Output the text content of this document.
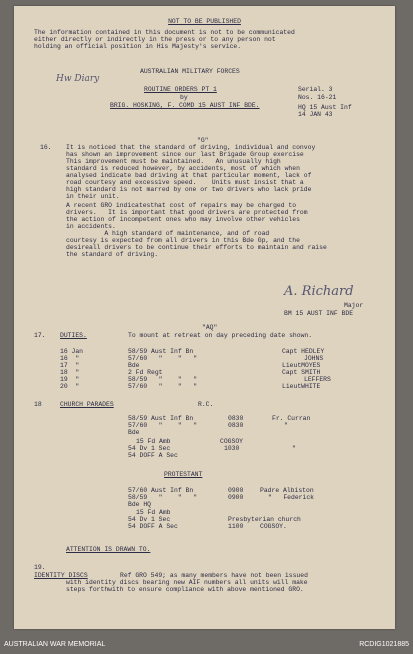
NOT TO BE PUBLISHED
The information contained in this document is not to be communicated
either directly or indirectly in the press or to any person not
holding an official position in His Majesty's service.
Hw Diary
AUSTRALIAN MILITARY FORCES
ROUTINE ORDERS PT 1
by
BRIG. HOSKING, F. COMD 15 AUST INF BDE.
Serial. 3
Nos. 16-21
HQ 15 Aust Inf
14 JAN 43
"G"
16. It is noticed that the standard of driving, individual and convoy
has shown an improvement since our last Brigade Group exercise
This improvement must be maintained.   An unusually high
standard is reduced however, by accidents, most of which when
analysed indicate bad driving at that particular moment, lack of
road courtesy and excessive speed.    Units must insist that a
high standard is not marred by one or two drivers who lack pride
in their unit.
A recent GRO indicatesthat cost of repairs may be charged to
drivers.   It is important that good drivers are protected from
the action of incompetent ones who may involve other vehicles
in accidents.
A high standard of maintenance, and of road
courtesy is expected from all drivers in this Bde Gp, and the
desireall drivers to be continue their efforts to maintain and raise
the standard of driving.
A. Richard
Major
BM 15 AUST INF BDE
"AQ"
17. DUTIES.	To mount at retreat on day preceding date shown.
16 Jan	58/59 Aust Inf Bn	Capt HEDLEY
16  "	57/60   "    "   "	JOHNS
17  "	Bde	LieutMOYES
18  "	2 Fd Regt	Capt SMITH
19  "	58/59   "    "   "	LEFFERS
20  "	57/60   "    "   "	LieutWHITE
18	CHURCH PARADES	R.C.
58/59 Aust Inf Bn	0830	Fr. Curran
57/60   "    "   "	0830	"
Bde
15 Fd Amb	COGSOY
54 Dv 1 Sec	1030	"
54 DOFF A Sec
PROTESTANT
57/60 Aust Inf Bn	0900	Padre Albiston
58/59   "    "   "	0900	"   Federick
Bde HQ
15 Fd Amb
54 Dv 1 Sec	Presbyterian church
54 DOFF A Sec	1100	COGSOY.
ATTENTION IS DRAWN TO.
19.
IDENTITY DISCS	Ref GRO 549; as many members have not been issued
with identity discs bearing new AIF numbers all units will make
steps forthwith to ensure compliance with above mentioned GRO.
AUSTRALIAN WAR MEMORIAL	RCDIG1021885
